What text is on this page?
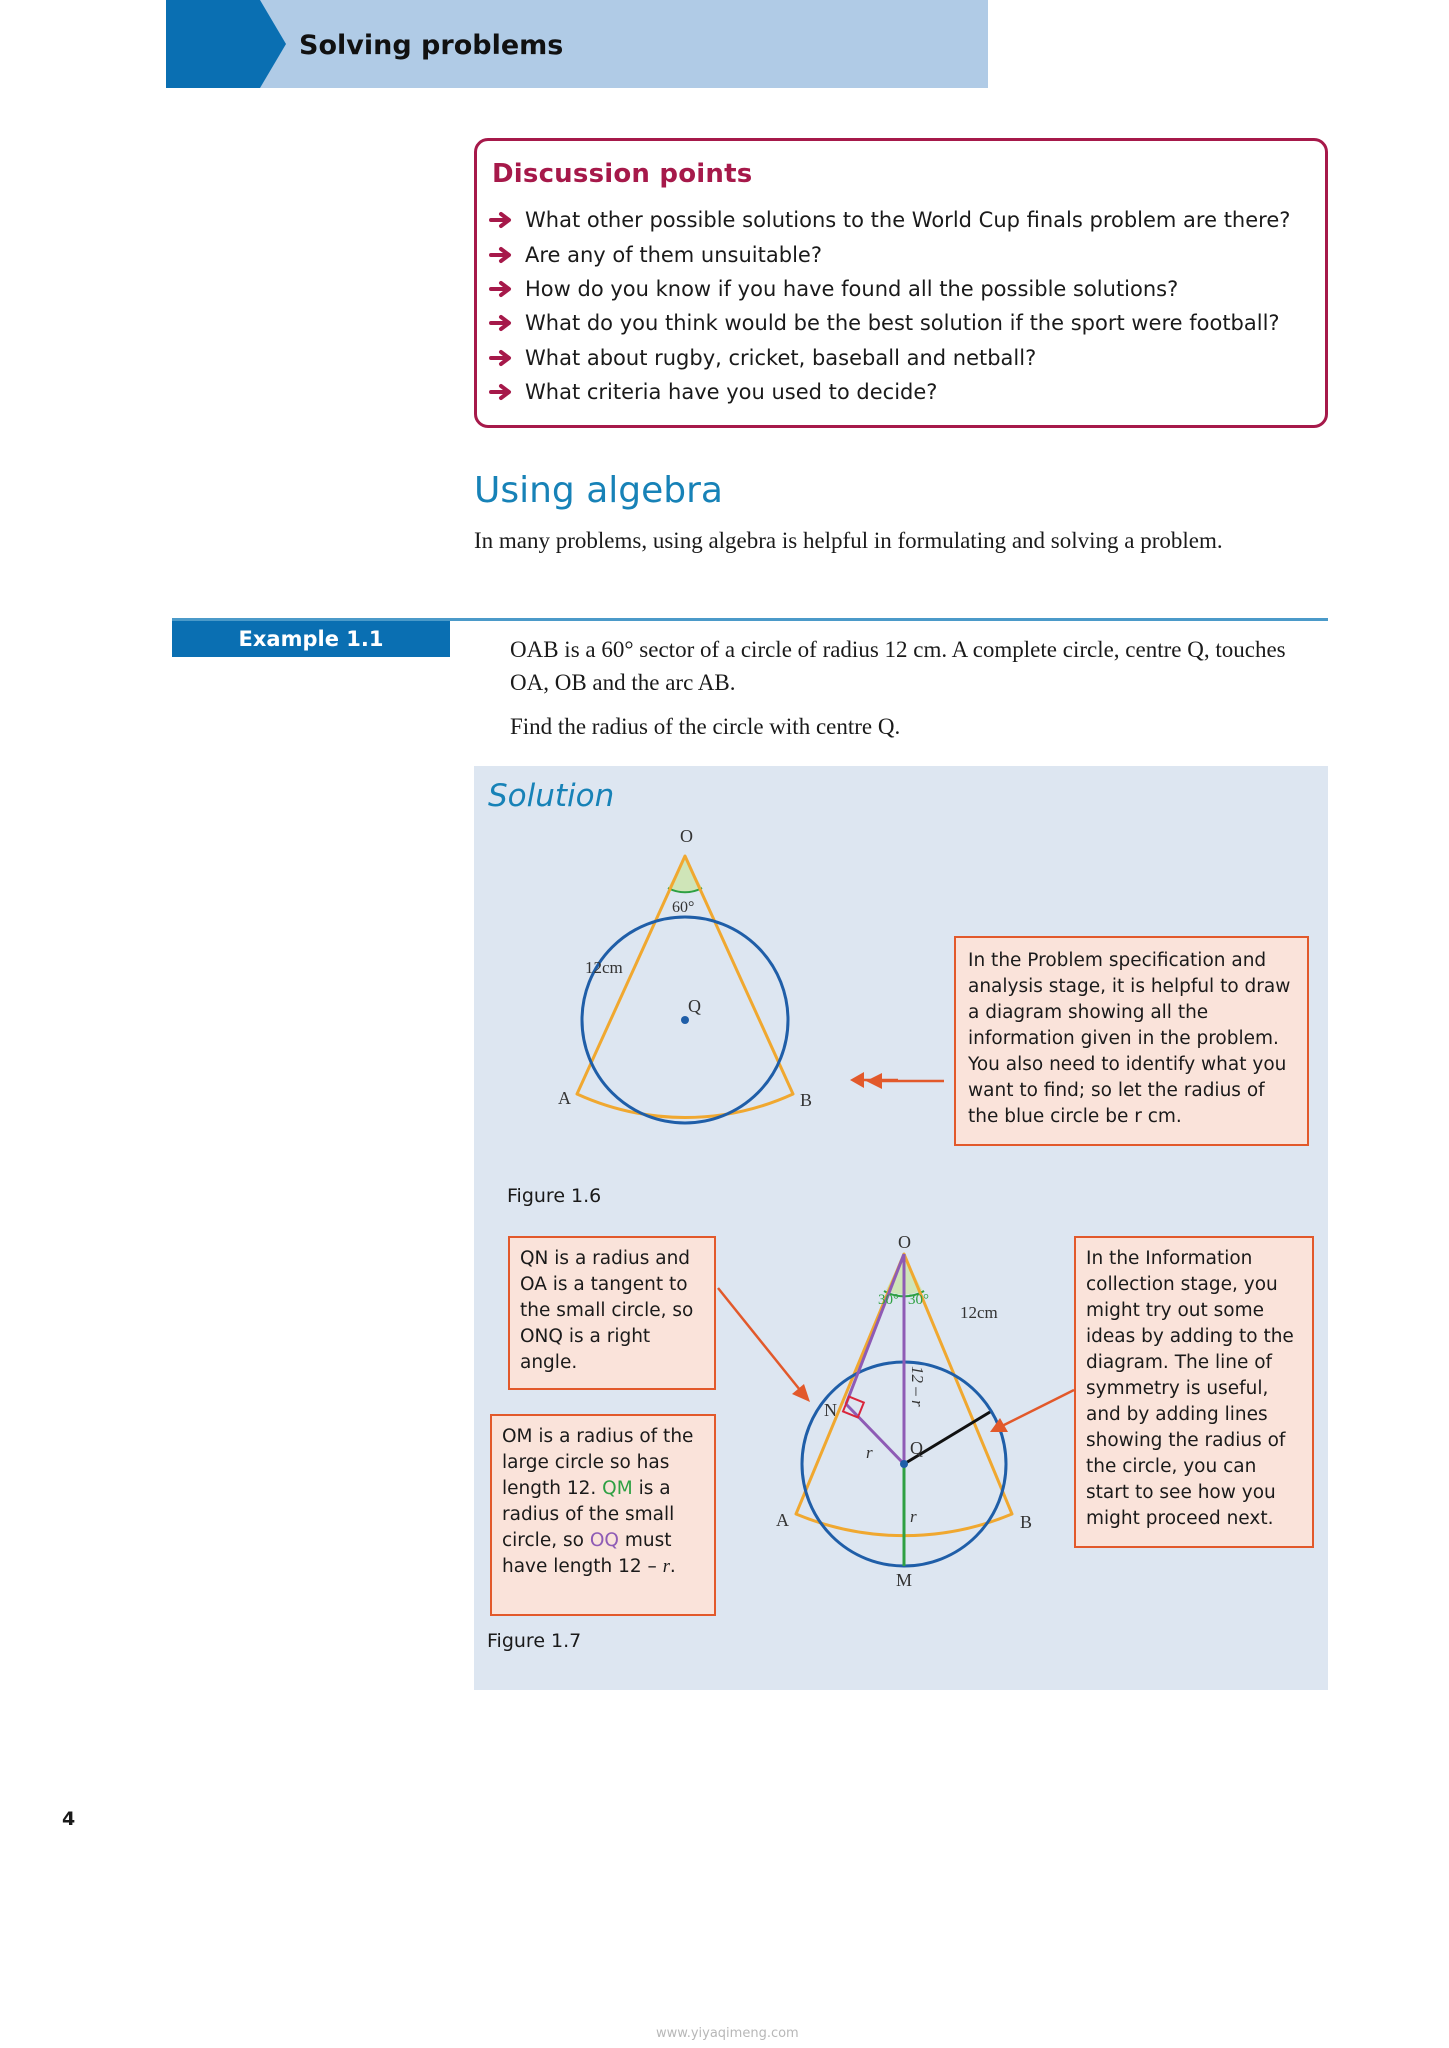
Solving problems
Discussion points
What other possible solutions to the World Cup finals problem are there?
Are any of them unsuitable?
How do you know if you have found all the possible solutions?
What do you think would be the best solution if the sport were football?
What about rugby, cricket, baseball and netball?
What criteria have you used to decide?
Using algebra
In many problems, using algebra is helpful in formulating and solving a problem.
Example 1.1	OAB is a 60° sector of a circle of radius 12 cm. A complete circle, centre Q, touches OA, OB and the arc AB.

Find the radius of the circle with centre Q.

Solution
O
60°
12cm
Q
A	B
In the Problem specification and analysis stage, it is helpful to draw a diagram showing all the information given in the problem. You also need to identify what you want to find; so let the radius of the blue circle be r cm.
Figure 1.6
O
30° 30°
12cm
12 – r
N
Q
r
r
A	B
M
QN is a radius and OA is a tangent to the small circle, so ONQ is a right angle.
OM is a radius of the large circle so has length 12. QM is a radius of the small circle, so OQ must have length 12 – r.
In the Information collection stage, you might try out some ideas by adding to the diagram. The line of symmetry is useful, and by adding lines showing the radius of the circle, you can start to see how you might proceed next.
Figure 1.7
4
www.yiyaqimeng.com
